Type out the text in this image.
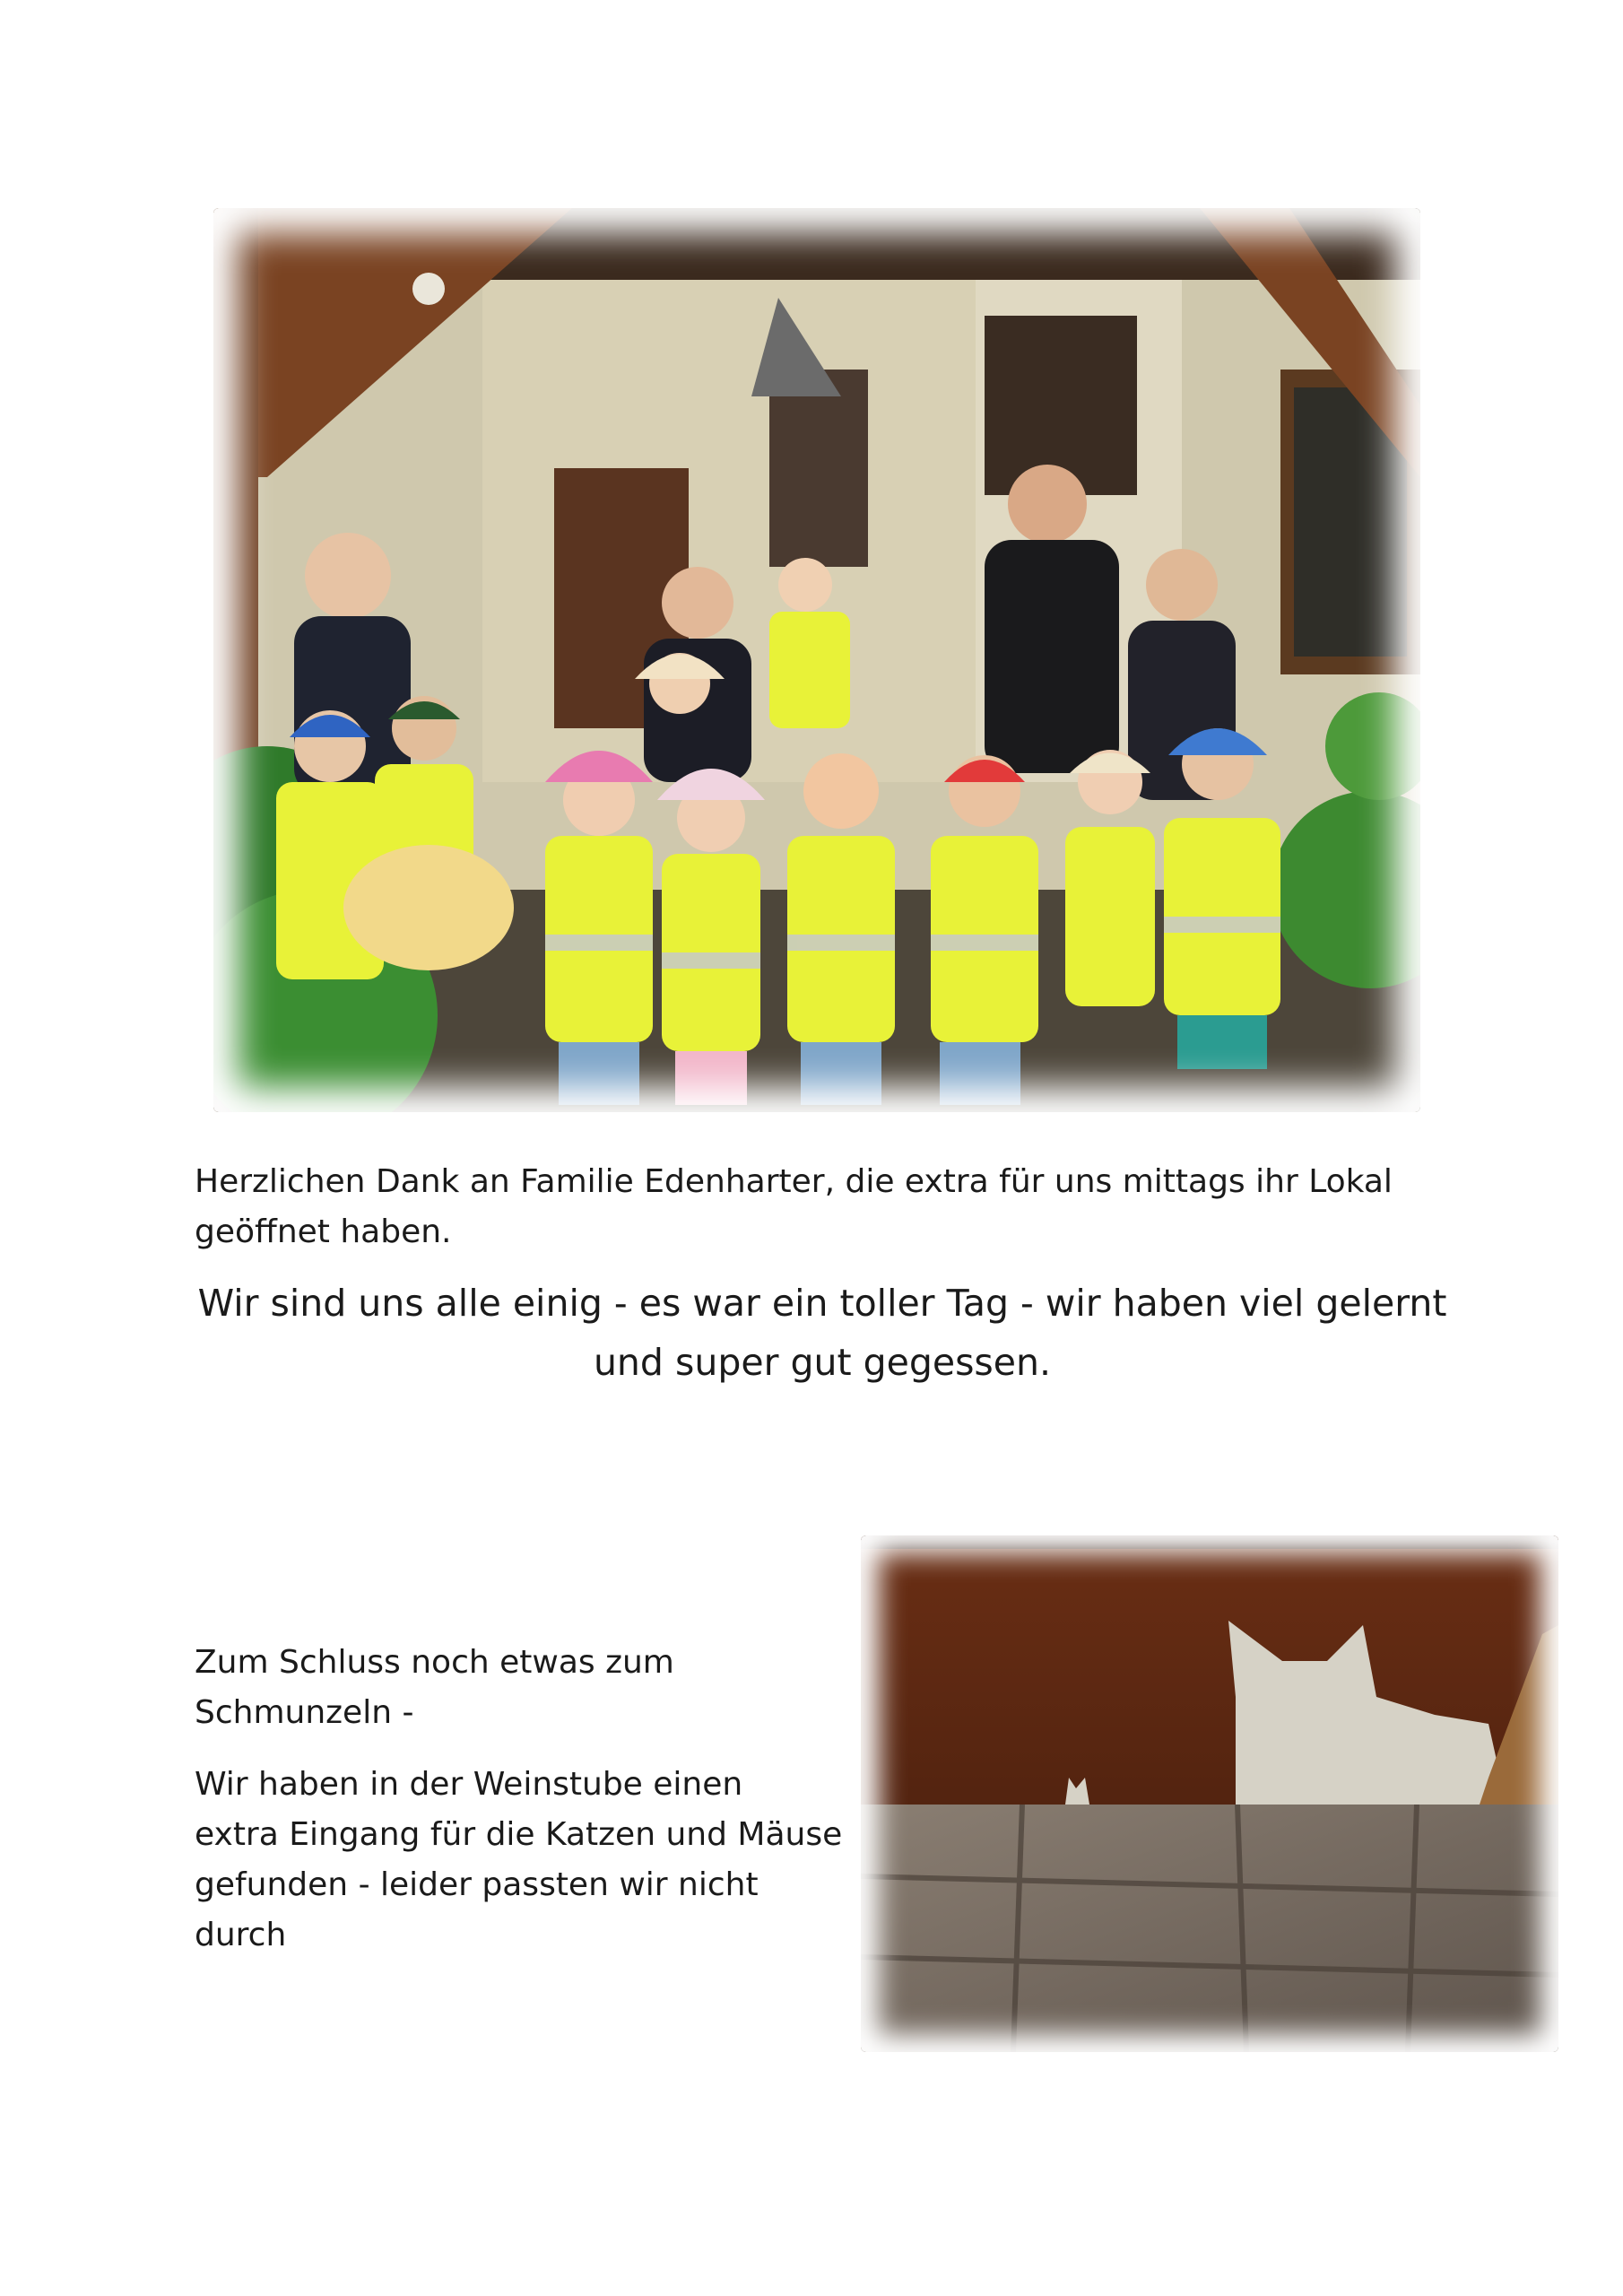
Herzlichen Dank an Familie Edenharter, die extra für uns mittags ihr Lokal
geöffnet haben.
Wir sind uns alle einig - es war ein toller Tag - wir haben viel gelernt
und super gut gegessen.
Zum Schluss noch etwas zum
Schmunzeln -
Wir haben in der Weinstube einen
extra Eingang für die Katzen und Mäuse
gefunden - leider passten wir nicht
durch
